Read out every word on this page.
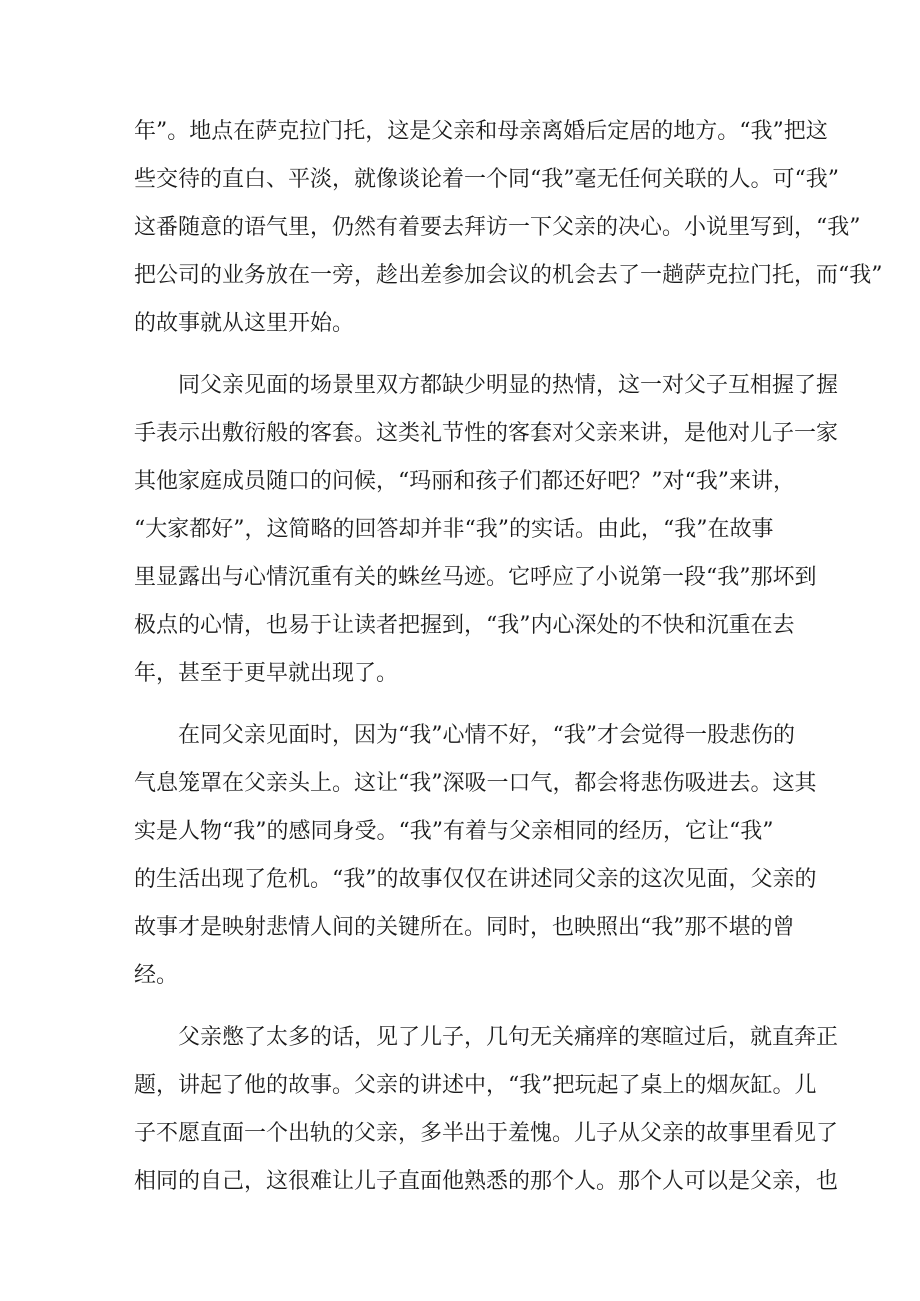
年”。地点在萨克拉门托，这是父亲和母亲离婚后定居的地方。“我”把这
些交待的直白、平淡，就像谈论着一个同“我”毫无任何关联的人。可“我”
这番随意的语气里，仍然有着要去拜访一下父亲的决心。小说里写到，“我”
把公司的业务放在一旁，趁出差参加会议的机会去了一趟萨克拉门托，而“我”
的故事就从这里开始。
同父亲见面的场景里双方都缺少明显的热情，这一对父子互相握了握
手表示出敷衍般的客套。这类礼节性的客套对父亲来讲，是他对儿子一家
其他家庭成员随口的问候，“玛丽和孩子们都还好吧？”对“我”来讲，
“大家都好”，这简略的回答却并非“我”的实话。由此，“我”在故事
里显露出与心情沉重有关的蛛丝马迹。它呼应了小说第一段“我”那坏到
极点的心情，也易于让读者把握到，“我”内心深处的不快和沉重在去
年，甚至于更早就出现了。
在同父亲见面时，因为“我”心情不好，“我”才会觉得一股悲伤的
气息笼罩在父亲头上。这让“我”深吸一口气，都会将悲伤吸进去。这其
实是人物“我”的感同身受。“我”有着与父亲相同的经历，它让“我”
的生活出现了危机。“我”的故事仅仅在讲述同父亲的这次见面，父亲的
故事才是映射悲情人间的关键所在。同时，也映照出“我”那不堪的曾
经。
父亲憋了太多的话，见了儿子，几句无关痛痒的寒暄过后，就直奔正
题，讲起了他的故事。父亲的讲述中，“我”把玩起了桌上的烟灰缸。儿
子不愿直面一个出轨的父亲，多半出于羞愧。儿子从父亲的故事里看见了
相同的自己，这很难让儿子直面他熟悉的那个人。那个人可以是父亲，也
